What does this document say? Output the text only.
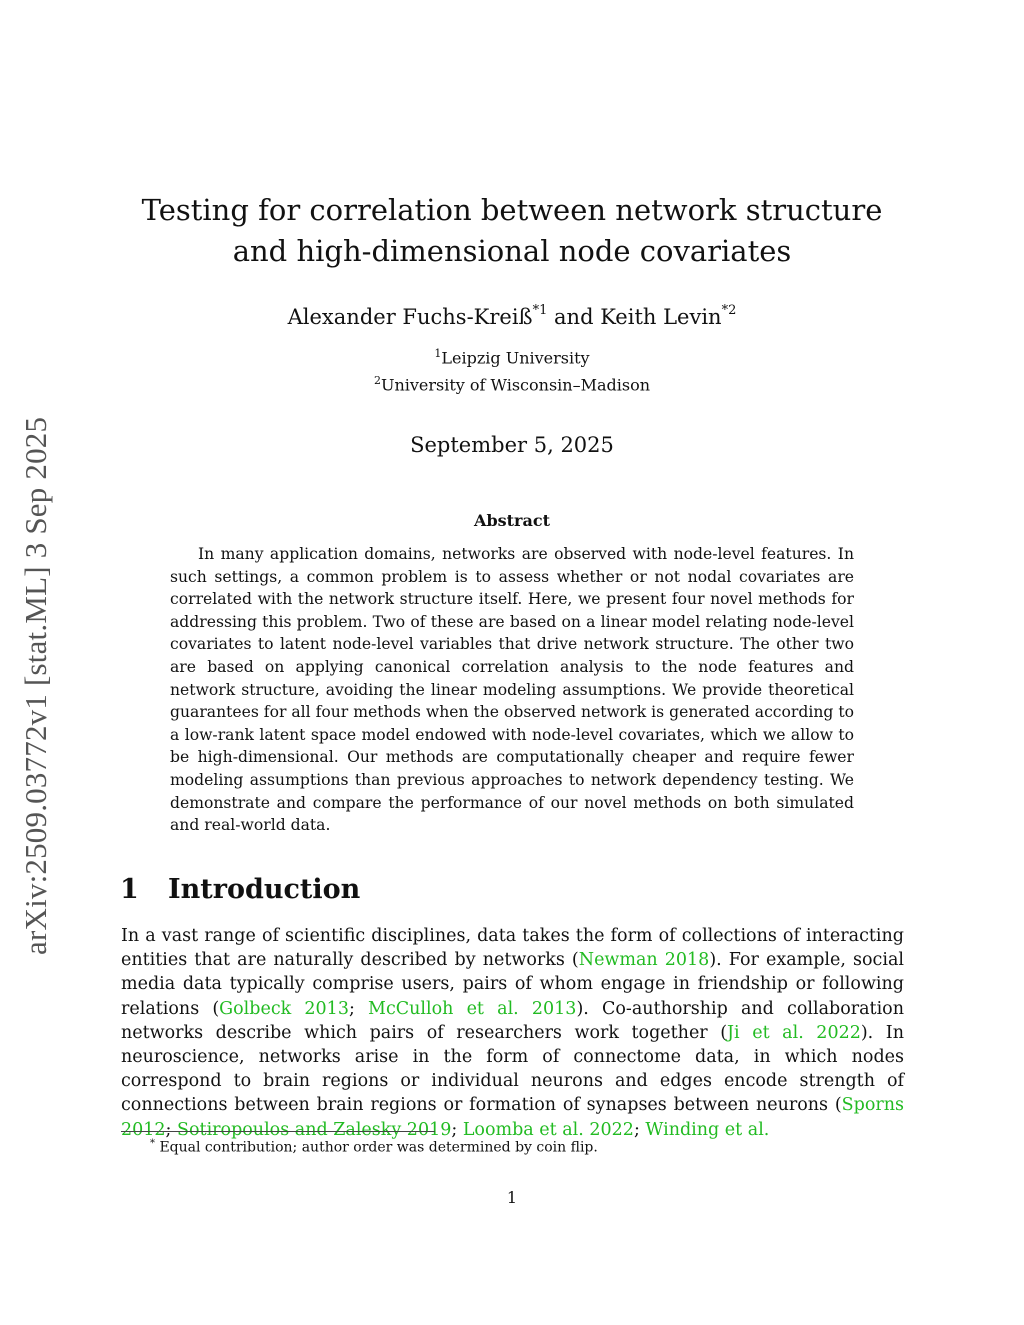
arXiv:2509.03772v1 [stat.ML] 3 Sep 2025
Testing for correlation between network structure and high-dimensional node covariates
Alexander Fuchs-Kreiß$^{*1}$ and Keith Levin$^{*2}$
$^1$Leipzig University
$^2$University of Wisconsin–Madison
September 5, 2025
Abstract

In many application domains, networks are observed with node-level features. In such settings, a common problem is to assess whether or not nodal covariates are correlated with the network structure itself. Here, we present four novel methods for addressing this problem. Two of these are based on a linear model relating node-level covariates to latent node-level variables that drive network structure. The other two are based on applying canonical correlation analysis to the node features and network structure, avoiding the linear modeling assumptions. We provide theoretical guarantees for all four methods when the observed network is generated according to a low-rank latent space model endowed with node-level covariates, which we allow to be high-dimensional. Our methods are computationally cheaper and require fewer modeling assumptions than previous approaches to network dependency testing. We demonstrate and compare the performance of our novel methods on both simulated and real-world data.

1 Introduction

In a vast range of scientific disciplines, data takes the form of collections of interacting entities that are naturally described by networks (Newman 2018). For example, social media data typically comprise users, pairs of whom engage in friendship or following relations (Golbeck 2013; McCulloh et al. 2013). Co-authorship and collaboration networks describe which pairs of researchers work together (Ji et al. 2022). In neuroscience, networks arise in the form of connectome data, in which nodes correspond to brain regions or individual neurons and edges encode strength of connections between brain regions or formation of synapses between neurons (Sporns 2012; Sotiropoulos and Zalesky 2019; Loomba et al. 2022; Winding et al.

* Equal contribution; author order was determined by coin flip.
1
